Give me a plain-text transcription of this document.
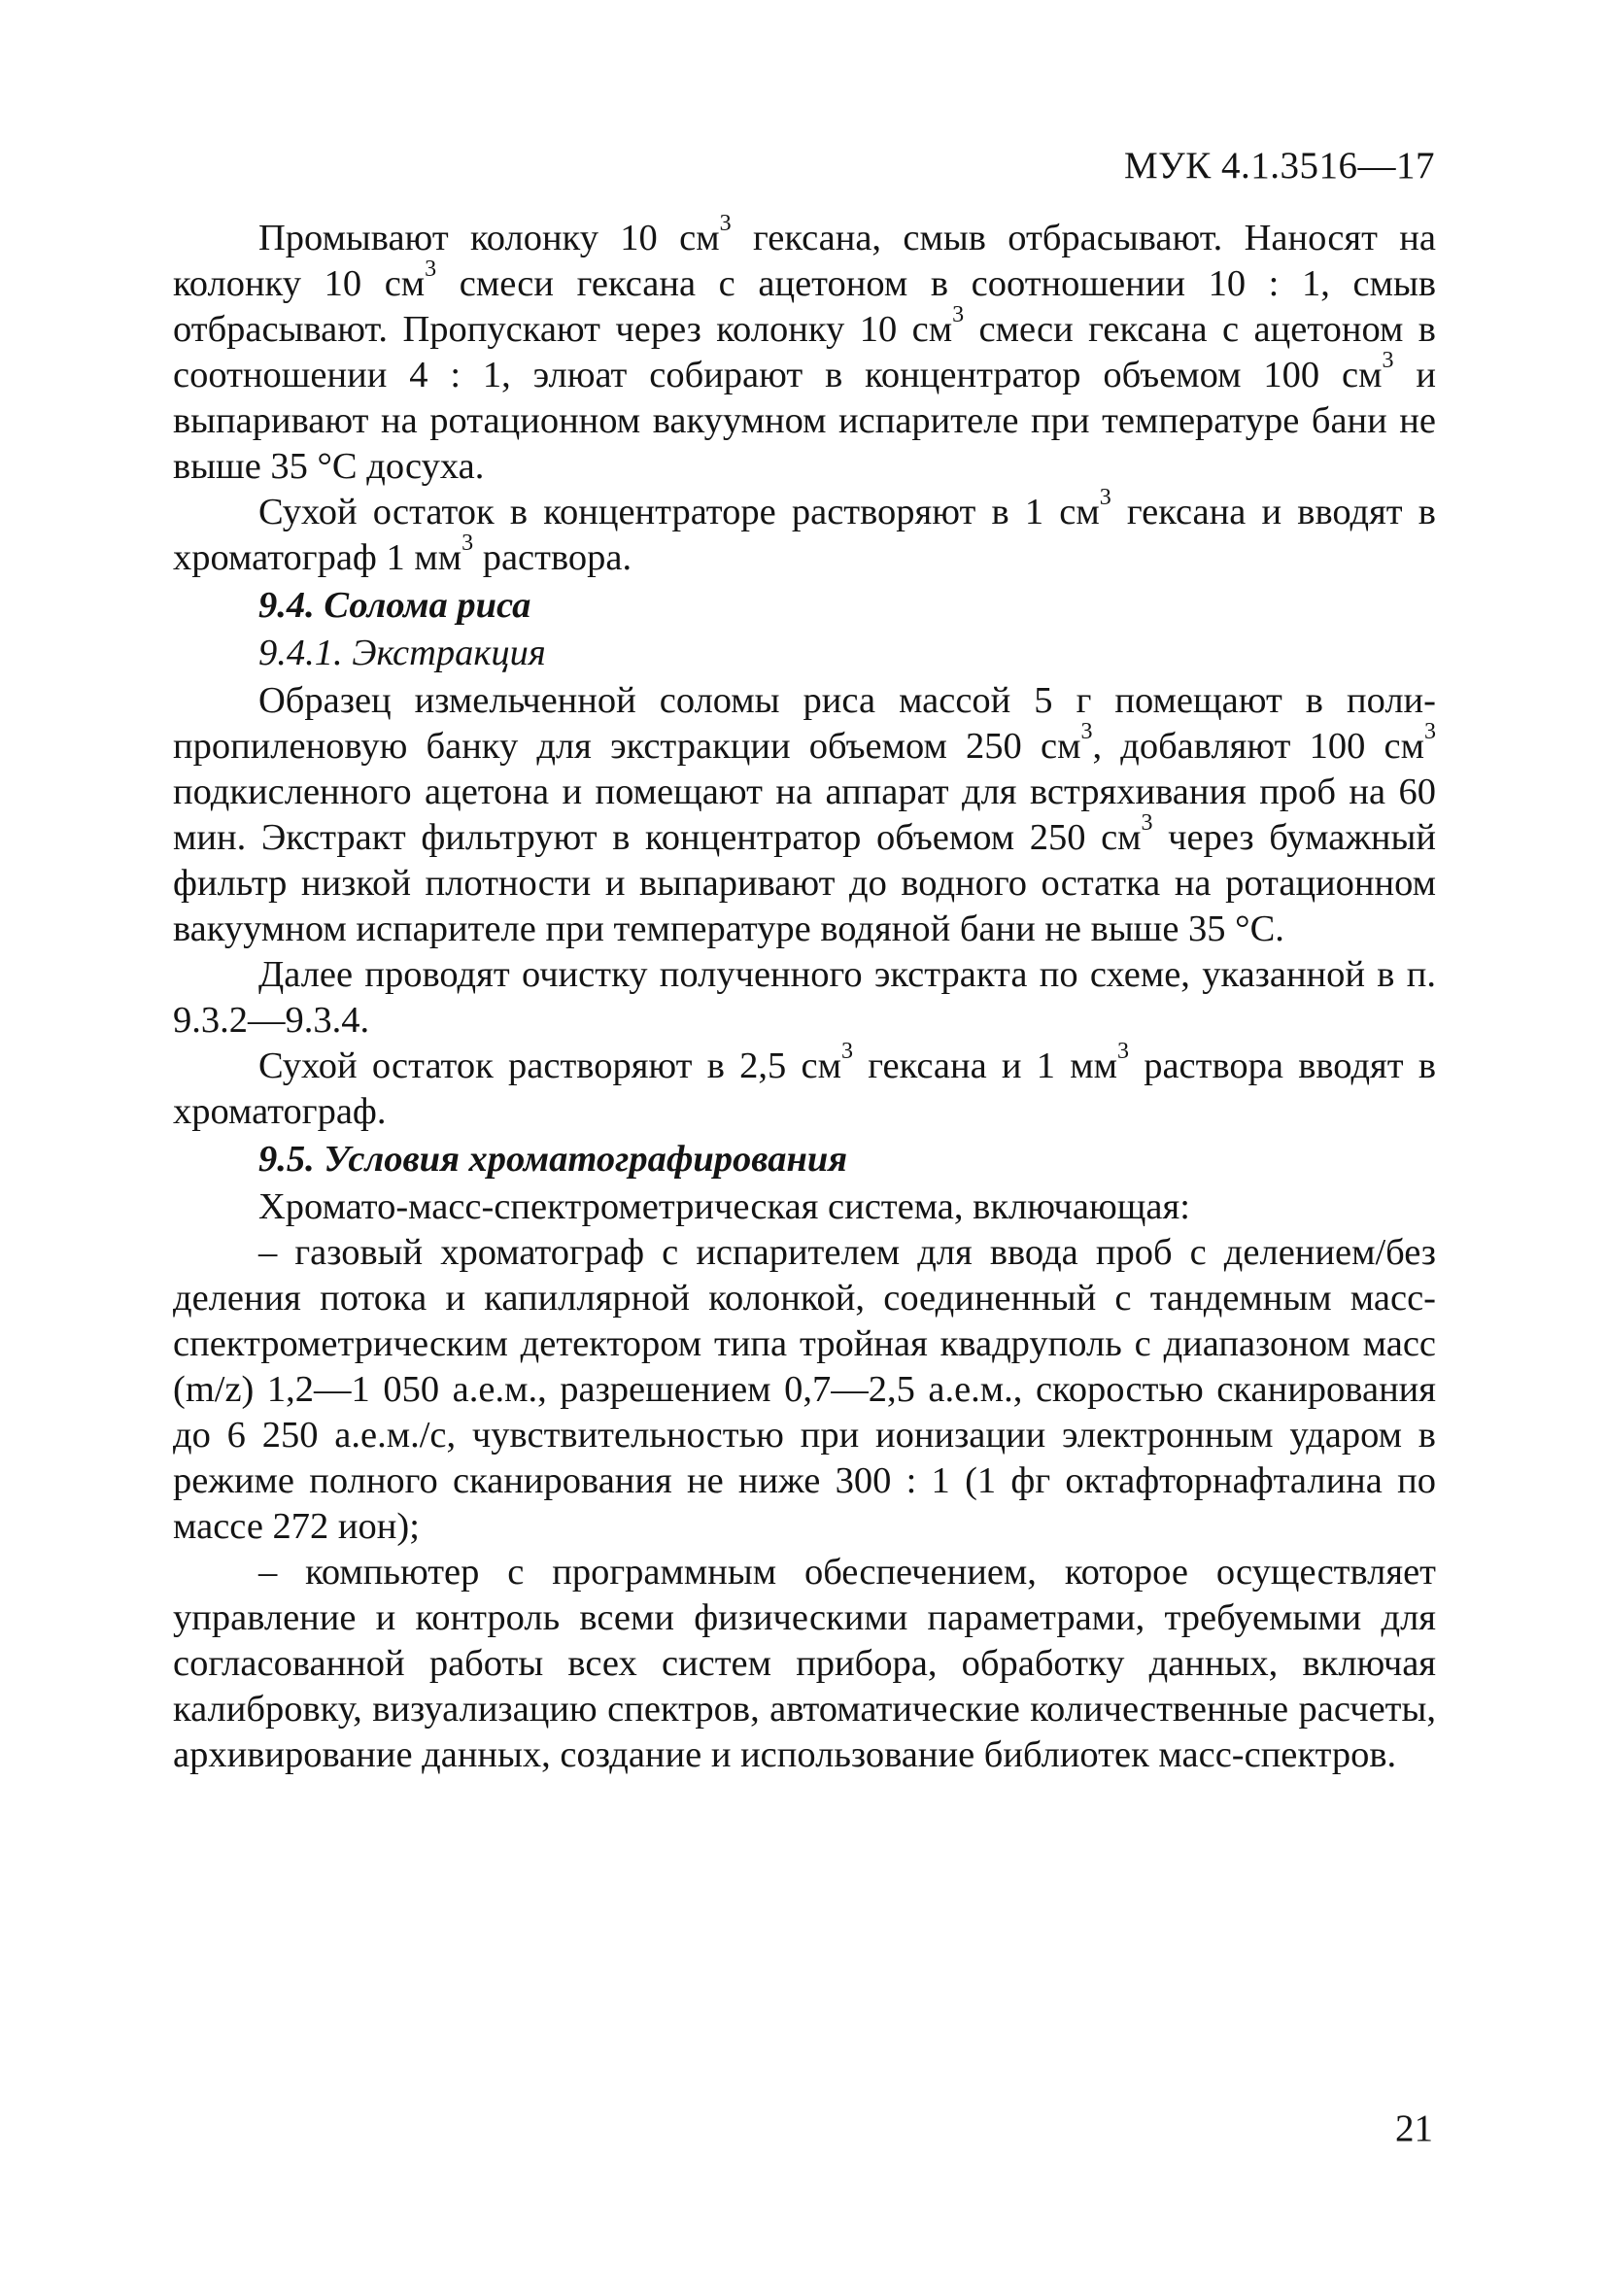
МУК 4.1.3516—17

Промывают колонку 10 $см^3$ гексана, смыв отбрасывают. Наносят на колонку 10 $см^3$ смеси гексана с ацетоном в соотношении 10 : 1, смыв отбрасывают. Пропускают через колонку 10 $см^3$ смеси гексана с ацетоном в соотношении 4 : 1, элюат собирают в концентратор объемом 100 $см^3$ и выпаривают на ротационном вакуумном испарителе при температуре бани не выше 35 °С досуха.

Сухой остаток в концентраторе растворяют в 1 $см^3$ гексана и вводят в хроматограф 1 $мм^3$ раствора.

9.4. Солома риса

9.4.1. Экстракция

Образец измельченной соломы риса массой 5 г помещают в полипропиленовую банку для экстракции объемом 250 $см^3$, добавляют 100 $см^3$ подкисленного ацетона и помещают на аппарат для встряхивания проб на 60 мин. Экстракт фильтруют в концентратор объемом 250 $см^3$ через бумажный фильтр низкой плотности и выпаривают до водного остатка на ротационном вакуумном испарителе при температуре водяной бани не выше 35 °С.

Далее проводят очистку полученного экстракта по схеме, указанной в п. 9.3.2—9.3.4.

Сухой остаток растворяют в 2,5 $см^3$ гексана и 1 $мм^3$ раствора вводят в хроматограф.

9.5. Условия хроматографирования

Хромато-масс-спектрометрическая система, включающая:

– газовый хроматограф с испарителем для ввода проб с делением/без деления потока и капиллярной колонкой, соединенный с тандемным масс-спектрометрическим детектором типа тройная квадруполь с диапазоном масс (m/z) 1,2—1 050 а.е.м., разрешением 0,7—2,5 а.е.м., скоростью сканирования до 6 250 а.е.м./с, чувствительностью при ионизации электронным ударом в режиме полного сканирования не ниже 300 : 1 (1 фг октафторнафталина по массе 272 ион);

– компьютер с программным обеспечением, которое осуществляет управление и контроль всеми физическими параметрами, требуемыми для согласованной работы всех систем прибора, обработку данных, включая калибровку, визуализацию спектров, автоматические количественные расчеты, архивирование данных, создание и использование библиотек масс-спектров.

21
